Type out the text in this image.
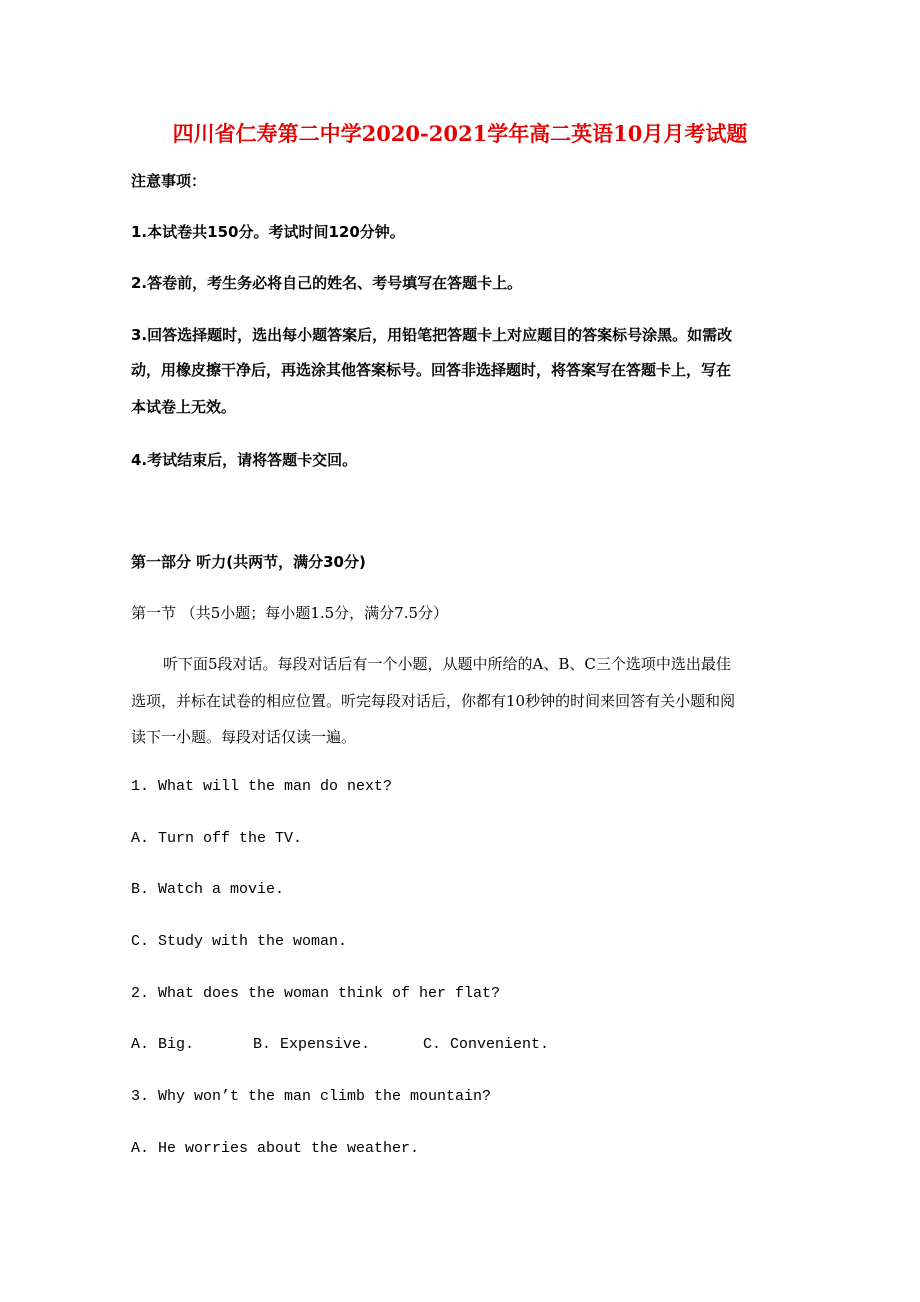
四川省仁寿第二中学2020-2021学年高二英语10月月考试题
注意事项：
1.本试卷共150分。考试时间120分钟。
2.答卷前，考生务必将自己的姓名、考号填写在答题卡上。
3.回答选择题时，选出每小题答案后，用铅笔把答题卡上对应题目的答案标号涂黑。如需改
动，用橡皮擦干净后，再选涂其他答案标号。回答非选择题时，将答案写在答题卡上，写在
本试卷上无效。
4.考试结束后，请将答题卡交回。
第一部分 听力(共两节，满分30分)
第一节 （共5小题；每小题1.5分，满分7.5分）
听下面5段对话。每段对话后有一个小题，从题中所给的A、B、C三个选项中选出最佳
选项，并标在试卷的相应位置。听完每段对话后，你都有10秒钟的时间来回答有关小题和阅
读下一小题。每段对话仅读一遍。
1. What will the man do next?
A. Turn off the TV.
B. Watch a movie.
C. Study with the woman.
2. What does the woman think of her flat?
A. Big.	B. Expensive.	C. Convenient.
3. Why won’t the man climb the mountain?
A. He worries about the weather.
